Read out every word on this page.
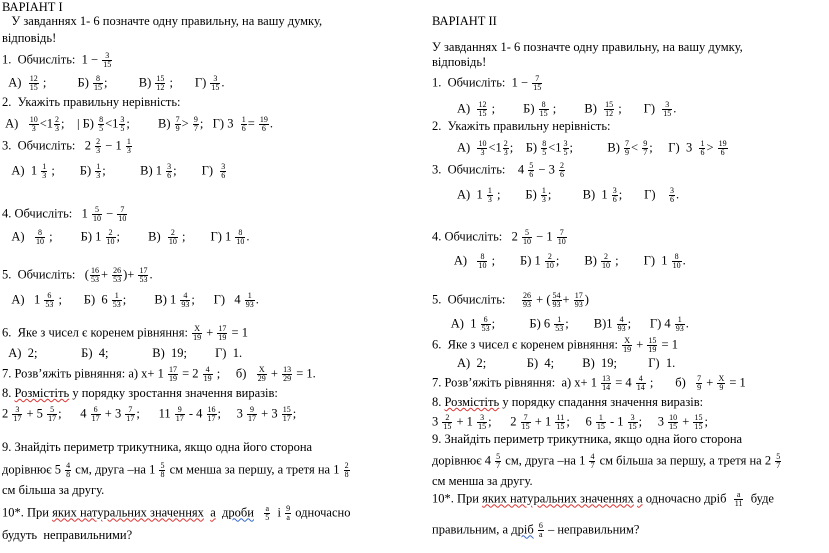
ВАРІАНТ І
У завданнях 1- 6 позначте одну правильну, на вашу думку,
відповідь!
1.  Обчисліть:  $1 - \frac{3}{15}$
$А) \frac{12}{15}$ ;          $Б) \frac{8}{15}$ ;          $В) \frac{15}{12}$ ;       $Г) \frac{3}{15}$ .
2.  Укажіть правильну нерівність:
$А) \frac{10}{3} <1 \frac{2}{3}$ ;    | $Б) \frac{8}{5} <1 \frac{3}{5}$ ;         $В) \frac{7}{9} > \frac{9}{7}$ ;   Г) $3 \frac{1}{6} = \frac{19}{6}$ .
3.  Обчисліть:   $2 \frac{2}{3} - 1 \frac{1}{3}$
А)  $1 \frac{1}{3}$ ;        $Б) \frac{1}{3}$ ;           В) $1 \frac{3}{6}$ ;        $Г) \frac{3}{6}$
4. Обчисліть:   $1 \frac{5}{10} - \frac{7}{10}$
$А) \frac{8}{10}$ ;         Б) $1 \frac{2}{10}$ ;         $В) \frac{2}{10}$ ;        Г) $1 \frac{8}{10}$ .
5.  Обчисліть:   ( $\frac{16}{53} + \frac{26}{53}$ )+ $\frac{17}{53}$ .
А)   $1 \frac{6}{53}$ ;       Б)  $6 \frac{1}{53}$ ;         В) $1 \frac{4}{93}$ ;      Г)   $4 \frac{1}{93}$ .
6.  Яке з чисел є коренем рівняння: $\frac{X}{19} + \frac{17}{19} = 1$
А)  2;              Б)  4;              В)  19;         Г)  1.
7. Розв’яжіть рівняння: а) $х+ 1 \frac{17}{19} = 2 \frac{4}{19}$ ;     $б) \frac{X}{29} + \frac{13}{29} = 1$.
8. Розмістіть у порядку зростання значення виразів:
$2 \frac{3}{17} + 5 \frac{5}{17}$ ;      $4 \frac{6}{17} + 3 \frac{7}{17}$ ;      $11 \frac{9}{17} - 4 \frac{16}{17}$ ;     $3 \frac{9}{17} + 3 \frac{15}{17}$ ;
9. Знайдіть периметр трикутника, якщо одна його сторона
дорівнює $5 \frac{4}{8}$ см, друга –на $1 \frac{5}{8}$ см менша за першу, а третя на $1 \frac{2}{8}$
см більша за другу.
10*. При яких натуральних значеннях а дроби $\frac{a}{5}$ і $\frac{9}{a}$ одночасно
будуть  неправильними?
ВАРІАНТ ІІ
У завданнях 1- 6 позначте одну правильну, на вашу думку,
відповідь!
1.  Обчисліть:  $1 - \frac{7}{15}$
$А) \frac{12}{15}$ ;         $Б) \frac{8}{15}$ ;         $В) \frac{15}{12}$ ;       $Г) \frac{3}{15}$ .
2.  Укажіть правильну нерівність:
$А) \frac{10}{3} <1 \frac{2}{3}$ ;    $Б) \frac{8}{5} <1 \frac{3}{5}$ ;           $В) \frac{7}{9} < \frac{9}{7}$ ;     Г)  $3 \frac{1}{6} > \frac{19}{6}$
3.  Обчисліть:    $4 \frac{5}{6} - 3 \frac{2}{6}$
А)  $1 \frac{1}{3}$ ;        $Б) \frac{1}{3}$ ;          В)  $1 \frac{3}{6}$ ;       $Г) \frac{3}{6}$ .
4. Обчисліть:   $2 \frac{5}{10} - 1 \frac{7}{10}$
$А) \frac{8}{10}$ ;        Б) $1 \frac{2}{10}$ ;        $В) \frac{2}{10}$ ;        Г)  $1 \frac{8}{10}$ .
5.  Обчисліть: $\frac{26}{93}$ + ( $\frac{54}{93} + \frac{17}{93}$ )
А)  $1 \frac{6}{53}$ ;           Б) $6 \frac{1}{53}$ ;        $В)1 \frac{4}{93}$ ;      Г) $4 \frac{1}{93}$ .
6.  Яке з чисел є коренем рівняння: $\frac{X}{19} + \frac{15}{19} = 1$
А)  2;             Б)  4;         В)  19;          Г)  1.
7. Розв’яжіть рівняння:  а) $х+ 1 \frac{13}{14} = 4 \frac{4}{14}$ ;       $б) \frac{7}{9} + \frac{X}{9} = 1$
8. Розмістіть у порядку спадання значення виразів:
$3 \frac{2}{15} + 1 \frac{3}{15}$ ;      $2 \frac{7}{15} + 1 \frac{11}{15}$ ;     $6 \frac{1}{15} - 1 \frac{3}{15}$ ;     $3 \frac{10}{15} + \frac{15}{15}$ ;
9. Знайдіть периметр трикутника, якщо одна його сторона
дорівнює $4 \frac{5}{7}$ см, друга –на $1 \frac{4}{7}$ см більша за першу, а третя на $2 \frac{5}{7}$
см менша за другу.
10*. При яких натуральних значеннях а одночасно дріб $\frac{a}{11}$ буде
правильним, а дріб $\frac{6}{a}$ – неправильним?
